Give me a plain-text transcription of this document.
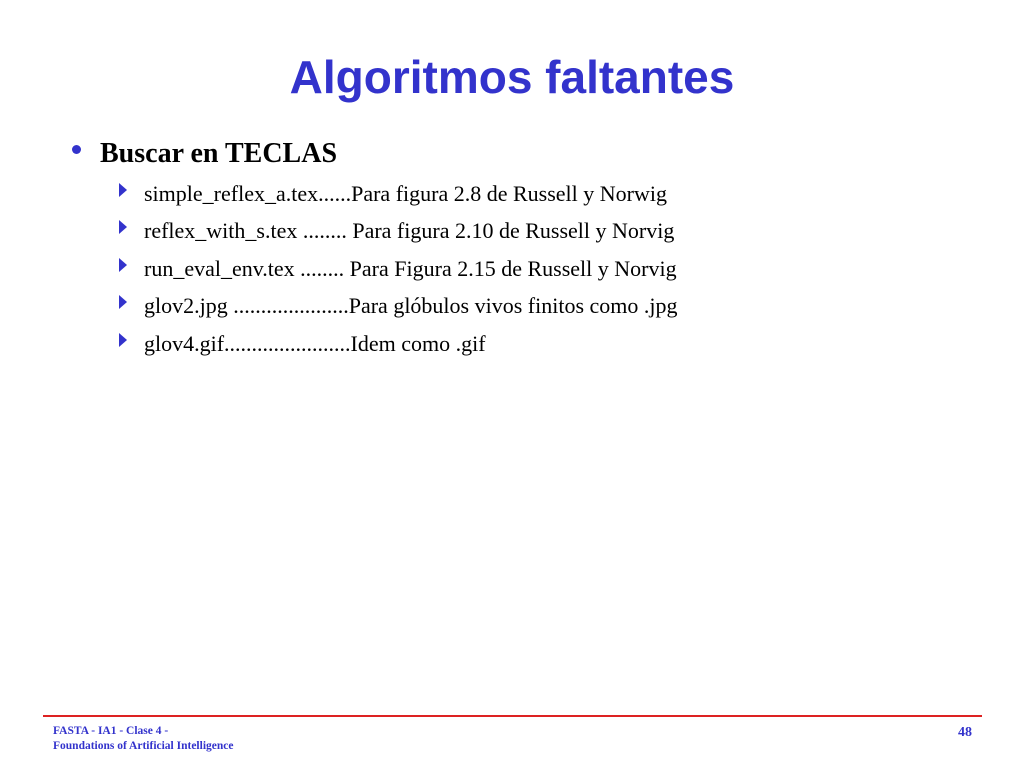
Algoritmos faltantes
Buscar en TECLAS
simple_reflex_a.tex......Para figura 2.8 de Russell y Norwig
reflex_with_s.tex ........ Para figura 2.10 de Russell y Norvig
run_eval_env.tex ........ Para Figura 2.15 de Russell y Norvig
glov2.jpg .....................Para glóbulos vivos finitos como .jpg
glov4.gif.......................Idem como .gif
FASTA - IA1 - Clase 4 -
Foundations of Artificial Intelligence
48
